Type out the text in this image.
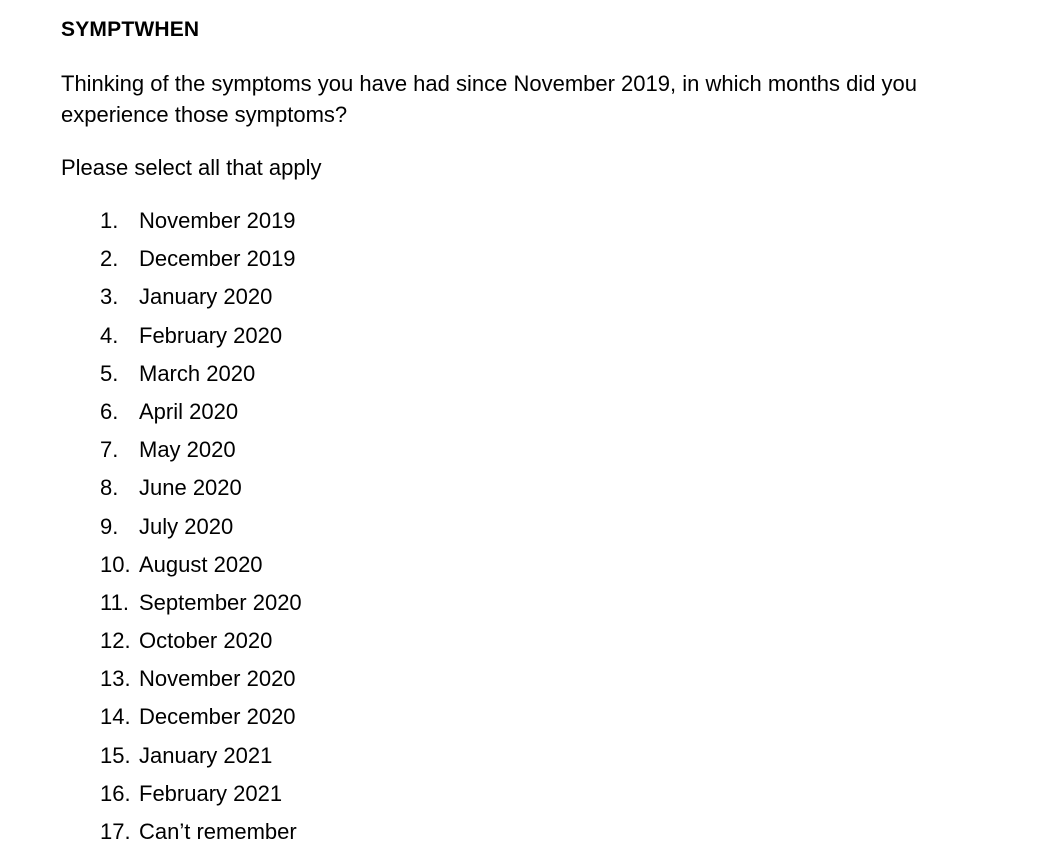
SYMPTWHEN

Thinking of the symptoms you have had since November 2019, in which months did you experience those symptoms?

Please select all that apply

1. November 2019
2. December 2019
3. January 2020
4. February 2020
5. March 2020
6. April 2020
7. May 2020
8. June 2020
9. July 2020
10. August 2020
11. September 2020
12. October 2020
13. November 2020
14. December 2020
15. January 2021
16. February 2021
17. Can’t remember
